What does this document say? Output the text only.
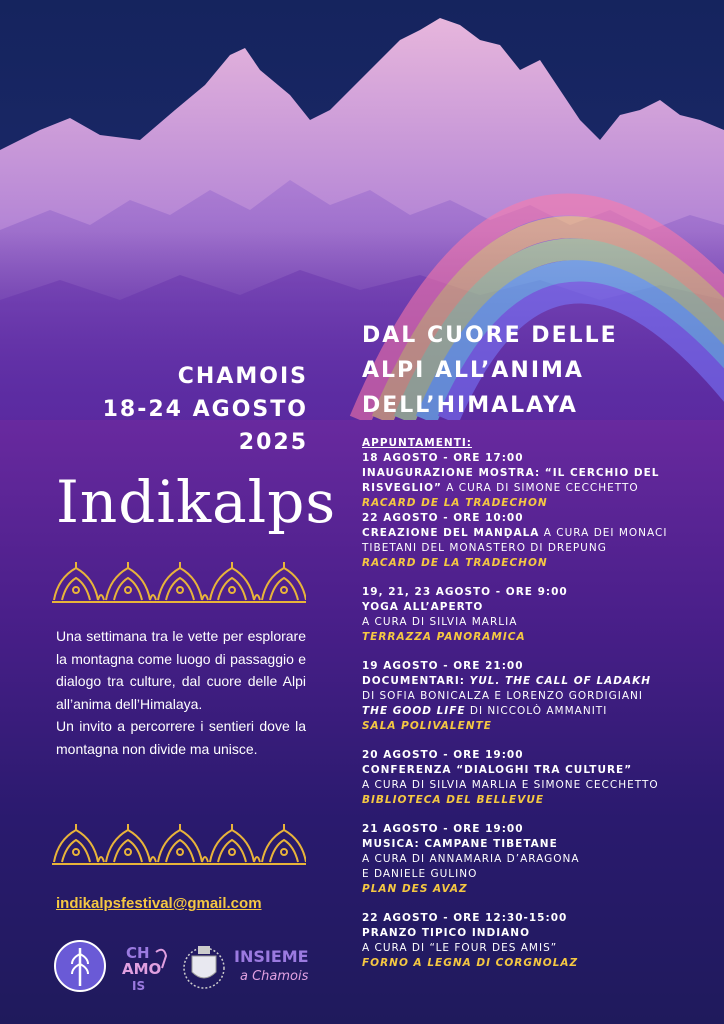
CHAMOIS
18-24 AGOSTO
2025
Indikalps

Una settimana tra le vette per esplorare la montagna come luogo di passaggio e dialogo tra culture, dal cuore delle Alpi all’anima dell’Himalaya.

Un invito a percorrere i sentieri dove la montagna non divide ma unisce.

indikalpsfestival@gmail.com
CH
AMO
IS
INSIEME
a Chamois
DAL CUORE DELLE
ALPI ALL’ANIMA
DELL’HIMALAYA

APPUNTAMENTI:

18 AGOSTO - ORE 17:00

INAUGURAZIONE MOSTRA: “IL CERCHIO DEL

RISVEGLIO” A CURA DI SIMONE CECCHETTO

RACARD DE LA TRADECHON

22 AGOSTO - ORE 10:00

CREAZIONE DEL MANḌALA A CURA DEI MONACI

TIBETANI DEL MONASTERO DI DREPUNG

RACARD DE LA TRADECHON

19, 21, 23 AGOSTO - ORE 9:00

YOGA ALL’APERTO

A CURA DI SILVIA MARLIA

TERRAZZA PANORAMICA

19 AGOSTO - ORE 21:00

DOCUMENTARI: YUL. THE CALL OF LADAKH

DI SOFIA BONICALZA E LORENZO GORDIGIANI

THE GOOD LIFE DI NICCOLÒ AMMANITI

SALA POLIVALENTE

20 AGOSTO - ORE 19:00

CONFERENZA “DIALOGHI TRA CULTURE”

A CURA DI SILVIA MARLIA E SIMONE CECCHETTO

BIBLIOTECA DEL BELLEVUE

21 AGOSTO - ORE 19:00

MUSICA: CAMPANE TIBETANE

A CURA DI ANNAMARIA D’ARAGONA

E DANIELE GULINO

PLAN DES AVAZ

22 AGOSTO - ORE 12:30-15:00

PRANZO TIPICO INDIANO

A CURA DI “LE FOUR DES AMIS”

FORNO A LEGNA DI CORGNOLAZ
